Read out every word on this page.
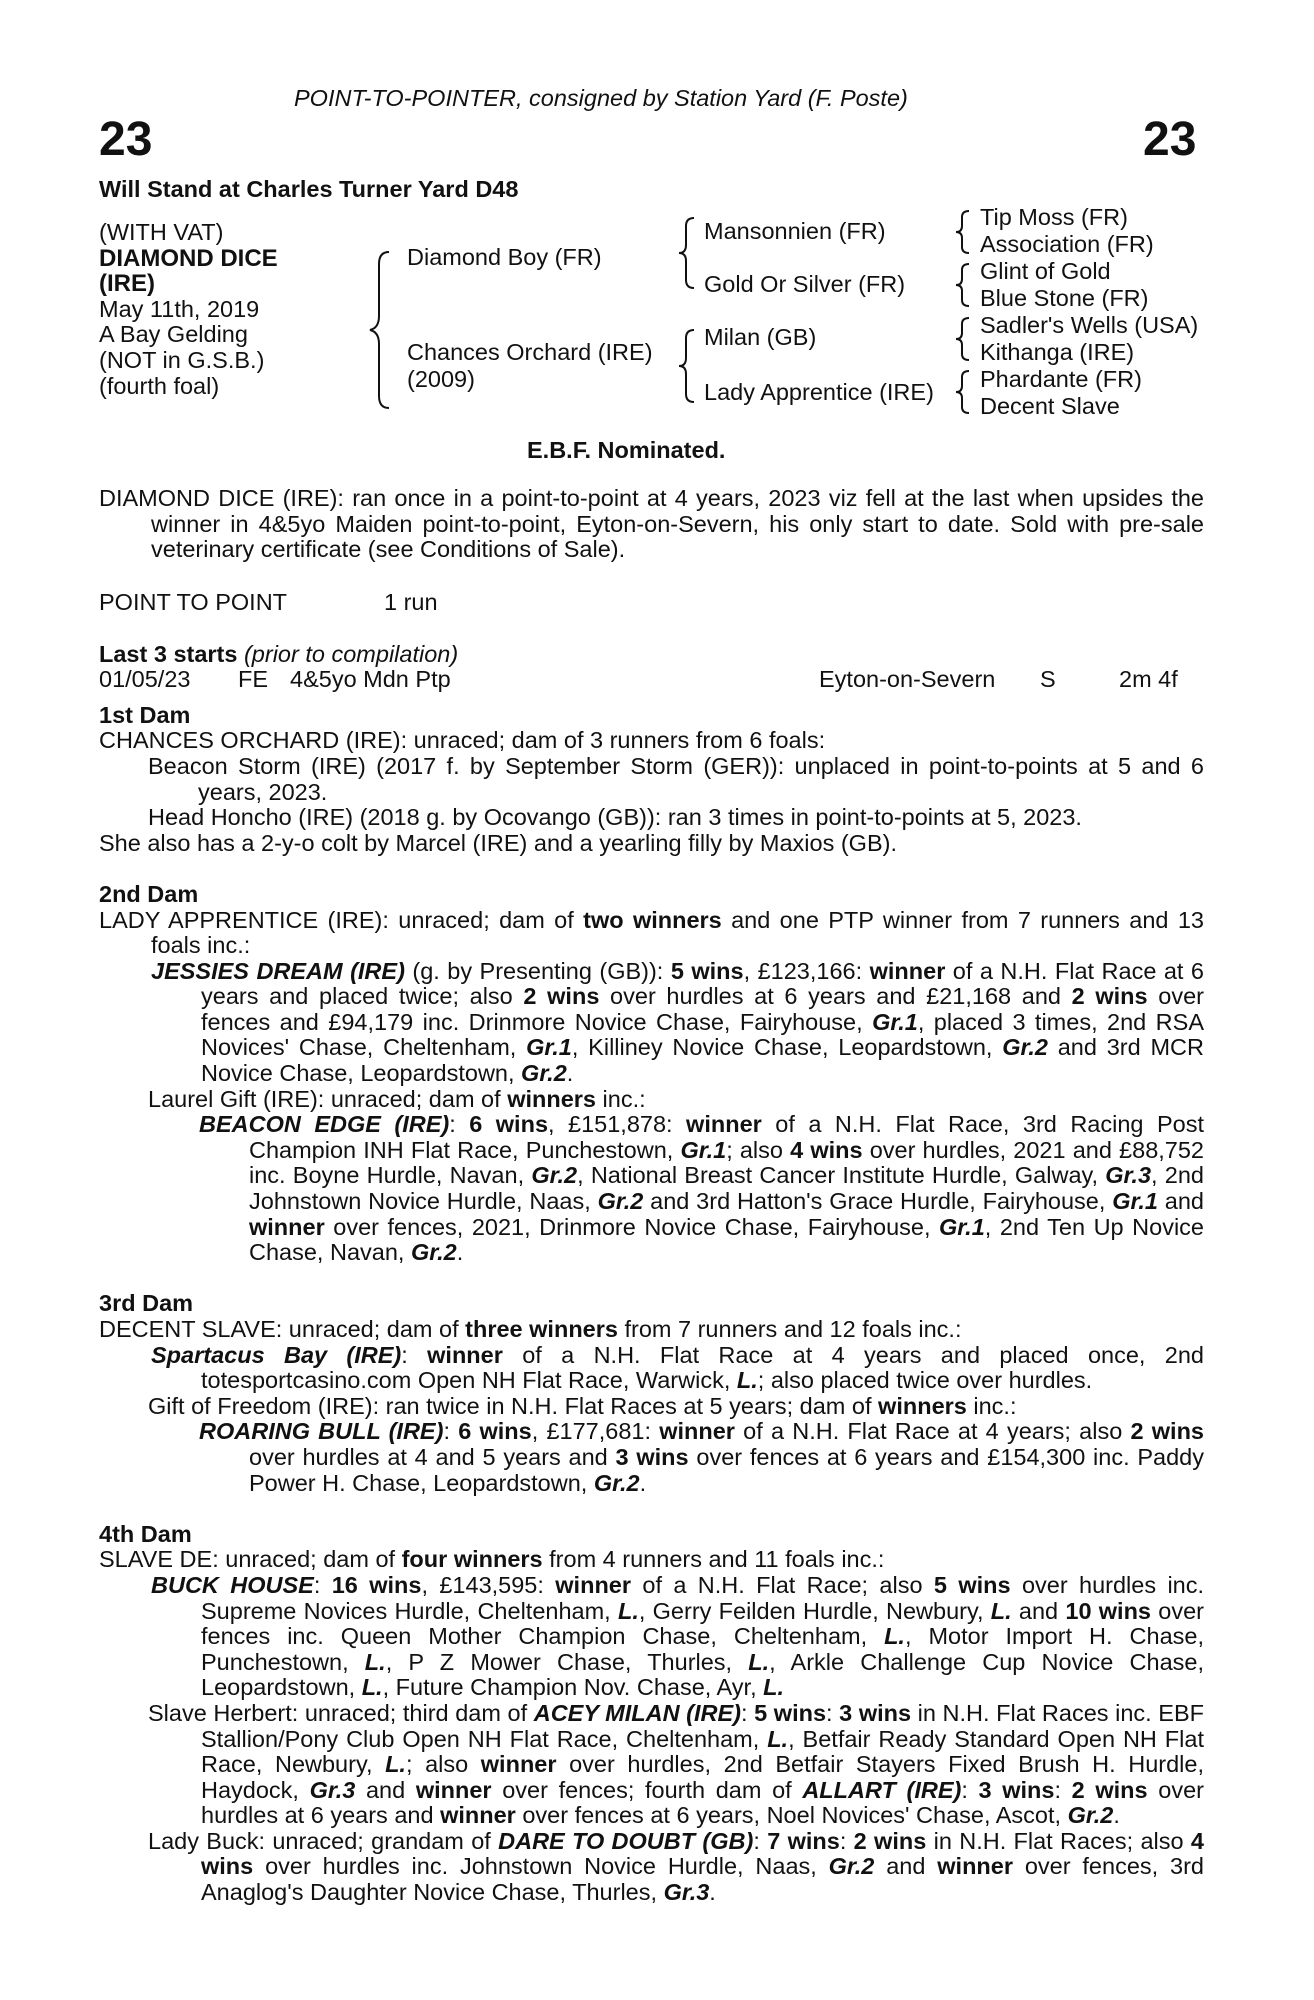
POINT-TO-POINTER, consigned by Station Yard (F. Poste)
23	23
Will Stand at Charles Turner Yard D48
(WITH VAT)
DIAMOND DICE
(IRE)
May 11th, 2019
A Bay Gelding
(NOT in G.S.B.)
(fourth foal)
Diamond Boy (FR)
Chances Orchard (IRE)
(2009)
Mansonnien (FR)
Gold Or Silver (FR)
Milan (GB)
Lady Apprentice (IRE)
Tip Moss (FR)
Association (FR)
Glint of Gold
Blue Stone (FR)
Sadler's Wells (USA)
Kithanga (IRE)
Phardante (FR)
Decent Slave
E.B.F. Nominated.

DIAMOND DICE (IRE): ran once in a point-to-point at 4 years, 2023 viz fell at the last when upsides the winner in 4&5yo Maiden point-to-point, Eyton-on-Severn, his only start to date. Sold with pre-sale veterinary certificate (see Conditions of Sale).

POINT TO POINT	1 run
Last 3 starts (prior to compilation)
01/05/23 FE 4&5yo Mdn Ptp	Eyton-on-Severn S	2m 4f
1st Dam

CHANCES ORCHARD (IRE): unraced; dam of 3 runners from 6 foals:

Beacon Storm (IRE) (2017 f. by September Storm (GER)): unplaced in point-to-points at 5 and 6 years, 2023.

Head Honcho (IRE) (2018 g. by Ocovango (GB)): ran 3 times in point-to-points at 5, 2023.

She also has a 2-y-o colt by Marcel (IRE) and a yearling filly by Maxios (GB).

2nd Dam

LADY APPRENTICE (IRE): unraced; dam of two winners and one PTP winner from 7 runners and 13 foals inc.:

JESSIES DREAM (IRE) (g. by Presenting (GB)): 5 wins, £123,166: winner of a N.H. Flat Race at 6 years and placed twice; also 2 wins over hurdles at 6 years and £21,168 and 2 wins over fences and £94,179 inc. Drinmore Novice Chase, Fairyhouse, Gr.1, placed 3 times, 2nd RSA Novices' Chase, Cheltenham, Gr.1, Killiney Novice Chase, Leopardstown, Gr.2 and 3rd MCR Novice Chase, Leopardstown, Gr.2.

Laurel Gift (IRE): unraced; dam of winners inc.:

BEACON EDGE (IRE): 6 wins, £151,878: winner of a N.H. Flat Race, 3rd Racing Post Champion INH Flat Race, Punchestown, Gr.1; also 4 wins over hurdles, 2021 and £88,752 inc. Boyne Hurdle, Navan, Gr.2, National Breast Cancer Institute Hurdle, Galway, Gr.3, 2nd Johnstown Novice Hurdle, Naas, Gr.2 and 3rd Hatton's Grace Hurdle, Fairyhouse, Gr.1 and winner over fences, 2021, Drinmore Novice Chase, Fairyhouse, Gr.1, 2nd Ten Up Novice Chase, Navan, Gr.2.

3rd Dam

DECENT SLAVE: unraced; dam of three winners from 7 runners and 12 foals inc.:

Spartacus Bay (IRE): winner of a N.H. Flat Race at 4 years and placed once, 2nd totesportcasino.com Open NH Flat Race, Warwick, L.; also placed twice over hurdles.

Gift of Freedom (IRE): ran twice in N.H. Flat Races at 5 years; dam of winners inc.:

ROARING BULL (IRE): 6 wins, £177,681: winner of a N.H. Flat Race at 4 years; also 2 wins over hurdles at 4 and 5 years and 3 wins over fences at 6 years and £154,300 inc. Paddy Power H. Chase, Leopardstown, Gr.2.

4th Dam

SLAVE DE: unraced; dam of four winners from 4 runners and 11 foals inc.:

BUCK HOUSE: 16 wins, £143,595: winner of a N.H. Flat Race; also 5 wins over hurdles inc. Supreme Novices Hurdle, Cheltenham, L., Gerry Feilden Hurdle, Newbury, L. and 10 wins over fences inc. Queen Mother Champion Chase, Cheltenham, L., Motor Import H. Chase, Punchestown, L., P Z Mower Chase, Thurles, L., Arkle Challenge Cup Novice Chase, Leopardstown, L., Future Champion Nov. Chase, Ayr, L.

Slave Herbert: unraced; third dam of ACEY MILAN (IRE): 5 wins: 3 wins in N.H. Flat Races inc. EBF Stallion/Pony Club Open NH Flat Race, Cheltenham, L., Betfair Ready Standard Open NH Flat Race, Newbury, L.; also winner over hurdles, 2nd Betfair Stayers Fixed Brush H. Hurdle, Haydock, Gr.3 and winner over fences; fourth dam of ALLART (IRE): 3 wins: 2 wins over hurdles at 6 years and winner over fences at 6 years, Noel Novices' Chase, Ascot, Gr.2.

Lady Buck: unraced; grandam of DARE TO DOUBT (GB): 7 wins: 2 wins in N.H. Flat Races; also 4 wins over hurdles inc. Johnstown Novice Hurdle, Naas, Gr.2 and winner over fences, 3rd Anaglog's Daughter Novice Chase, Thurles, Gr.3.
